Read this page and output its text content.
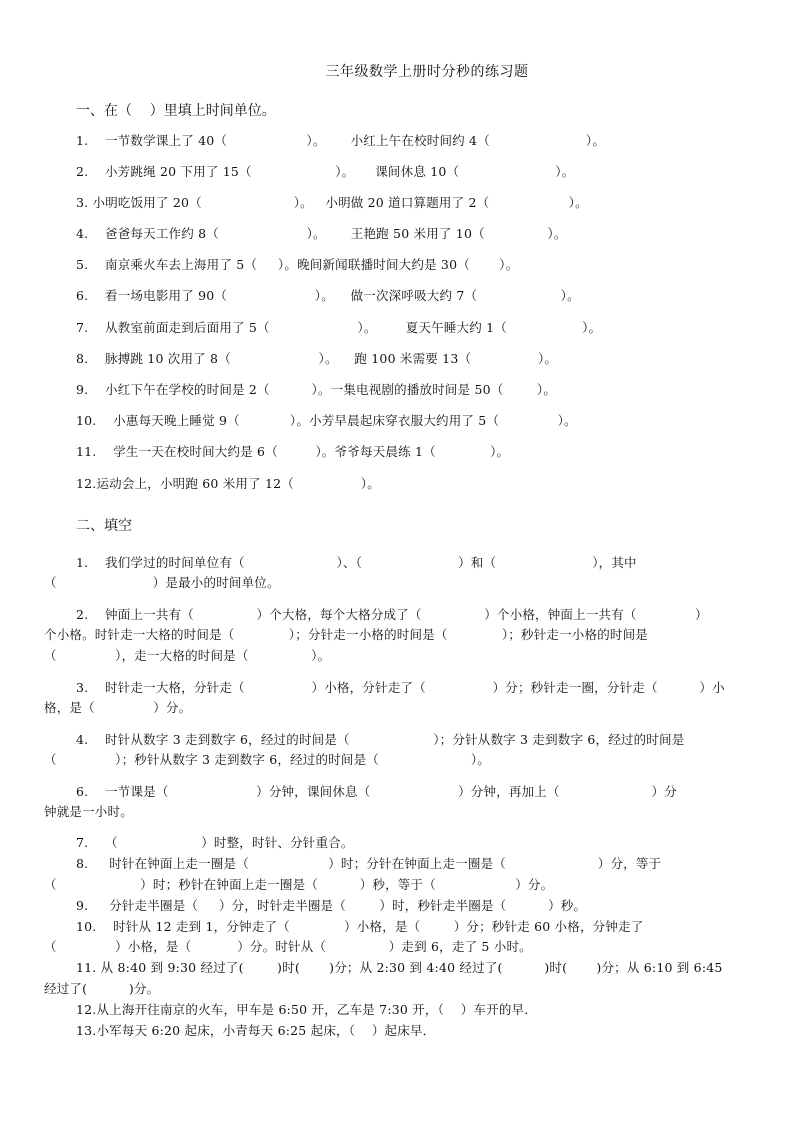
三年级数学上册时分秒的练习题
一、在（    ）里填上时间单位。
1.    一节数学课上了 40（                   ）。      小红上午在校时间约 4（                       ）。
2.    小芳跳绳 20 下用了 15（                    ）。     课间休息 10（                       ）。
3. 小明吃饭用了 20（                      ）。   小明做 20 道口算题用了 2（                   ）。
4.    爸爸每天工作约 8（                     ）。      王艳跑 50 米用了 10（               ）。
5.    南京乘火车去上海用了 5（     ）。晚间新闻联播时间大约是 30（       ）。
6.    看一场电影用了 90（                     ）。    做一次深呼吸大约 7（                    ）。
7.    从教室前面走到后面用了 5（                     ）。       夏天午睡大约 1（                  ）。
8.    脉搏跳 10 次用了 8（                     ）。    跑 100 米需要 13（                ）。
9.    小红下午在学校的时间是 2（          ）。一集电视剧的播放时间是 50（        ）。
10.    小惠每天晚上睡觉 9（            ）。小芳早晨起床穿衣服大约用了 5（              ）。
11.    学生一天在校时间大约是 6（         ）。爷爷每天晨练 1（             ）。
12.运动会上，小明跑 60 米用了 12（                ）。
二、填空
1.    我们学过的时间单位有（                      ）、（                       ）和（                       ），其中
（                       ）是最小的时间单位。
2.    钟面上一共有（               ）个大格，每个大格分成了（               ）个小格，钟面上一共有（              ）
个小格。时针走一大格的时间是（             ）；分针走一小格的时间是（             ）；秒针走一小格的时间是
（              ），走一大格的时间是（               ）。
3.    时针走一大格，分针走（                ）小格，分针走了（                ）分；秒针走一圈，分针走（          ）小
格，是（              ）分。
4.    时针从数字 3 走到数字 6，经过的时间是（                    ）；分针从数字 3 走到数字 6，经过的时间是
（              ）；秒针从数字 3 走到数字 6，经过的时间是（                      ）。
6.    一节课是（                     ）分钟，课间休息（                     ）分钟，再加上（                      ）分
钟就是一小时。
7.    （                    ）时整，时针、分针重合。
8.     时针在钟面上走一圈是（                   ）时；分针在钟面上走一圈是（                      ）分，等于
（                    ）时；秒针在钟面上走一圈是（          ）秒，等于（                   ）分。
9.     分针走半圈是（     ）分，时针走半圈是（        ）时，秒针走半圈是（          ）秒。
10.    时针从 12 走到 1，分钟走了（             ）小格，是（        ）分；秒针走 60 小格，分钟走了
（              ）小格，是（           ）分。时针从（               ）走到 6，走了 5 小时。
11. 从 8:40 到 9:30 经过了(        )时(       )分；从 2:30 到 4:40 经过了(          )时(       )分；从 6:10 到 6:45
经过了(          )分。
12.从上海开往南京的火车，甲车是 6:50 开，乙车是 7:30 开，（    ）车开的早．
13.小军每天 6:20 起床，小青每天 6:25 起床，（    ）起床早．
